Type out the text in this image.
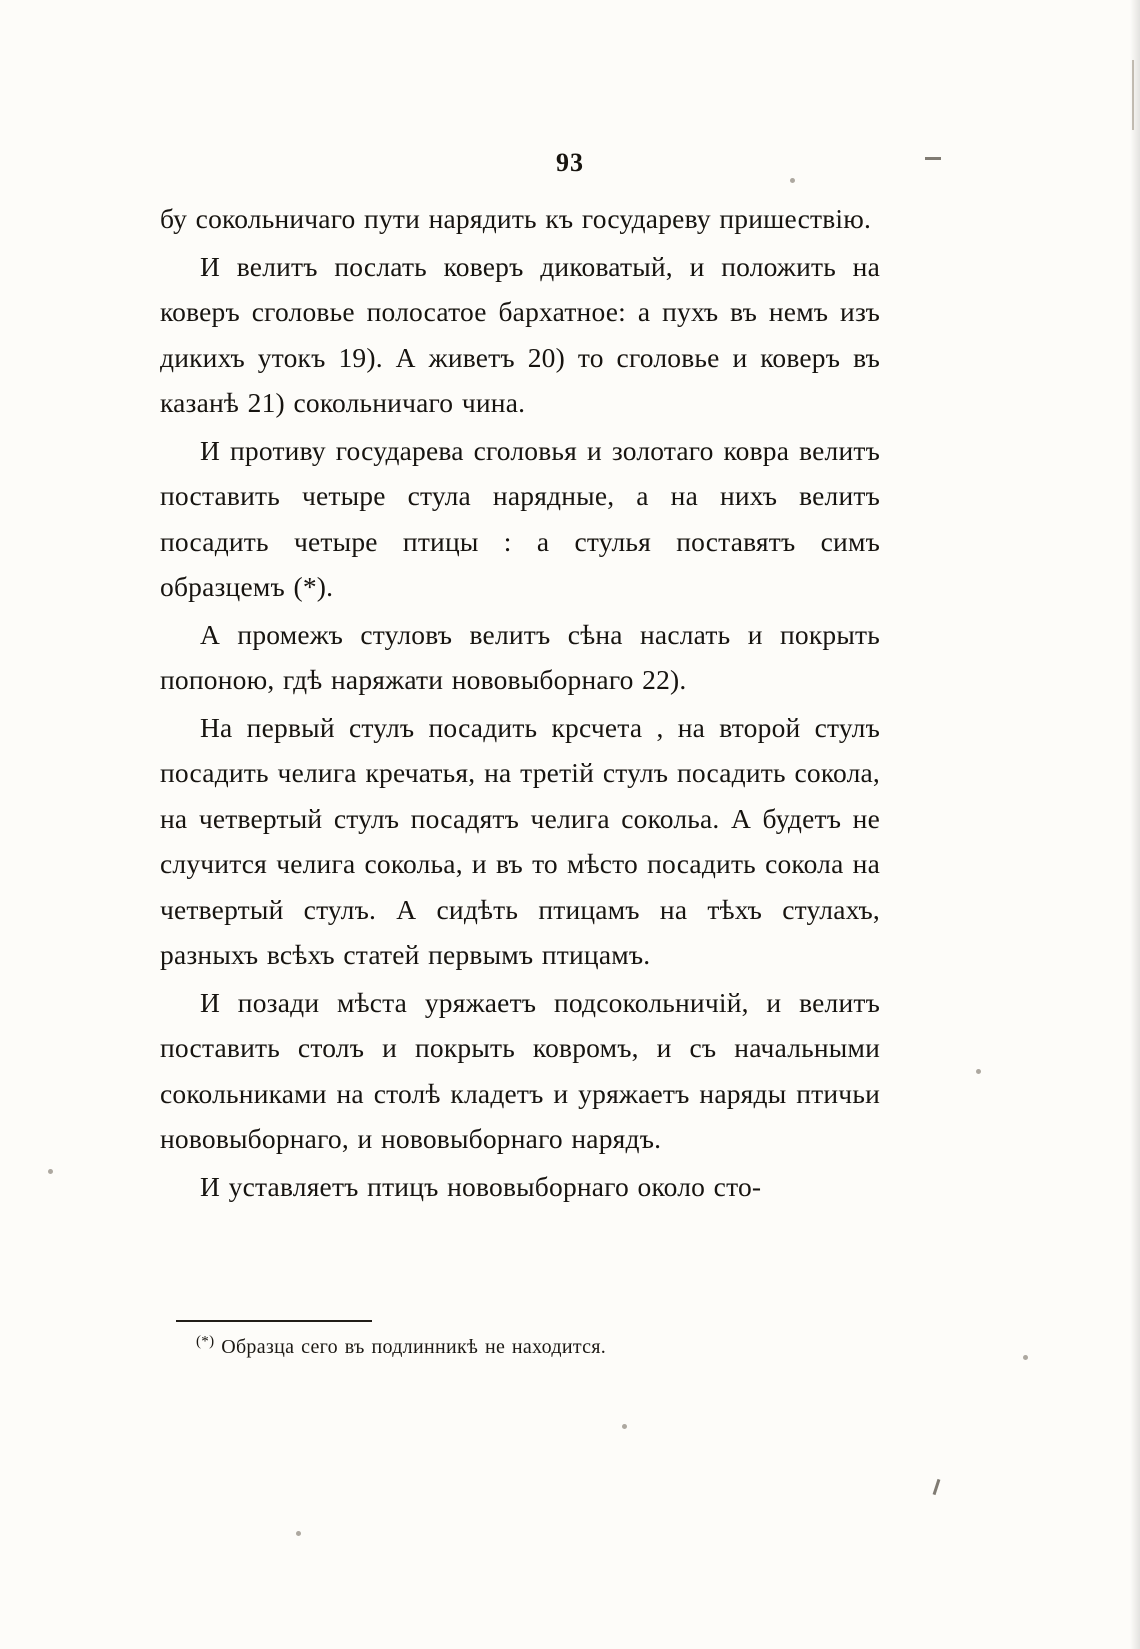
93

бу сокольничаго пути нарядить къ государеву пришествію.

И велитъ послать коверъ диковатый, и положить на коверъ сголовье полосатое бархатное: а пухъ въ немъ изъ дикихъ утокъ 19). А живетъ 20) то сголовье и коверъ въ казанѣ 21) сокольничаго чина.

И противу государева сголовья и золотаго ковра велитъ поставить четыре стула нарядные, а на нихъ велитъ посадить четыре птицы : а стулья поставятъ симъ образцемъ (*).

А промежъ стуловъ велитъ сѣна наслать и покрыть попоною, гдѣ наряжати нововыборнаго 22).

На первый стулъ посадить крсчета , на второй стулъ посадить челига кречатья, на третій стулъ посадить сокола, на четвертый стулъ посадятъ челига сокольа. А будетъ не случится челига сокольа, и въ то мѣсто посадить сокола на четвертый стулъ. А сидѣть птицамъ на тѣхъ стулахъ, разныхъ всѣхъ статей первымъ птицамъ.

И позади мѣста уряжаетъ подсокольничій, и велитъ поставить столъ и покрыть ковромъ, и съ начальными сокольниками на столѣ кладетъ и уряжаетъ наряды птичьи нововыборнаго, и нововыборнаго нарядъ.

И уставляетъ птицъ нововыборнаго около сто-

(*) Образца сего въ подлинникѣ не находится.
